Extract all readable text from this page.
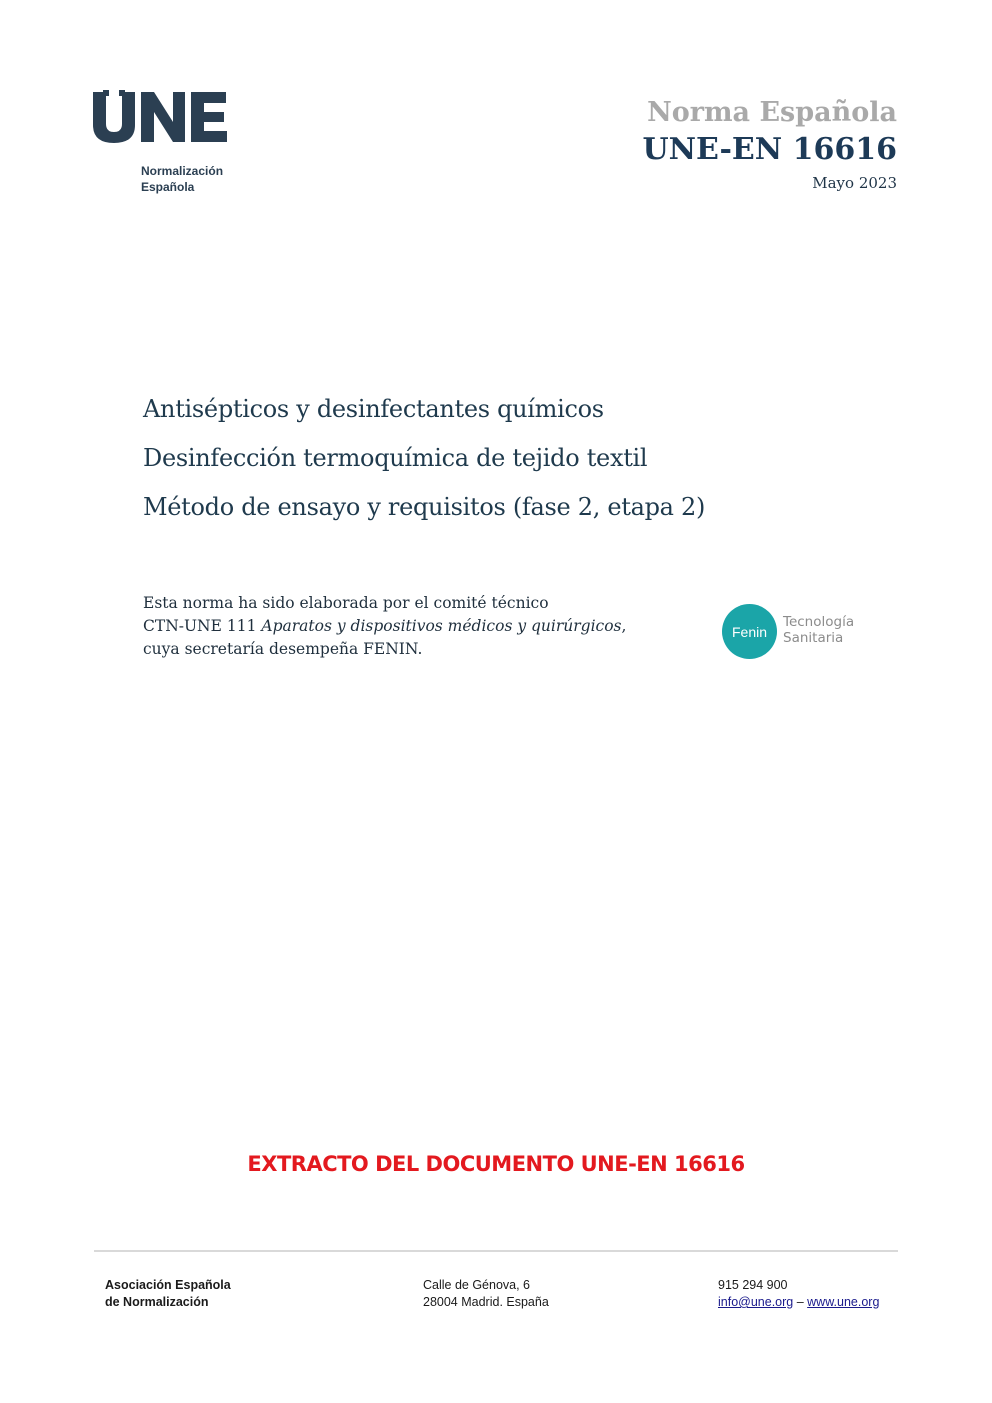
Normalización
Española
Norma Española
UNE-EN 16616
Mayo 2023
Antisépticos y desinfectantes químicos
Desinfección termoquímica de tejido textil
Método de ensayo y requisitos (fase 2, etapa 2)
Esta norma ha sido elaborada por el comité técnico
CTN-UNE 111 Aparatos y dispositivos médicos y quirúrgicos,
cuya secretaría desempeña FENIN.
Fenin
Tecnología
Sanitaria
EXTRACTO DEL DOCUMENTO UNE-EN 16616
Asociación Española
de Normalización
Calle de Génova, 6
28004 Madrid. España
915 294 900
info@une.org – www.une.org
